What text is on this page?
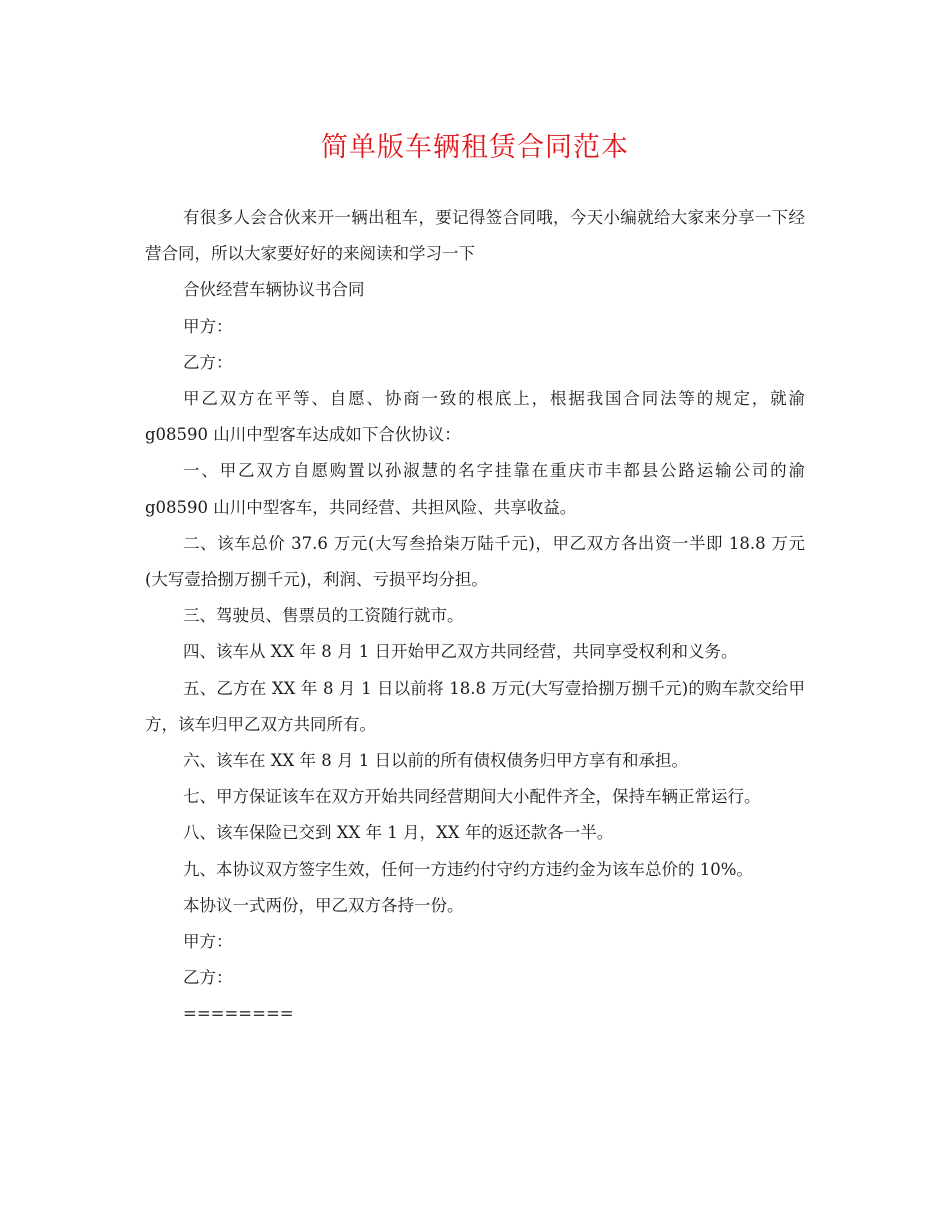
简单版车辆租赁合同范本

有很多人会合伙来开一辆出租车，要记得签合同哦，今天小编就给大家来分享一下经营合同，所以大家要好好的来阅读和学习一下

合伙经营车辆协议书合同

甲方：

乙方：

甲乙双方在平等、自愿、协商一致的根底上，根据我国合同法等的规定，就渝 g08590 山川中型客车达成如下合伙协议：

一、甲乙双方自愿购置以孙淑慧的名字挂靠在重庆市丰都县公路运输公司的渝 g08590 山川中型客车，共同经营、共担风险、共享收益。

二、该车总价 37.6 万元(大写叁拾柒万陆千元)，甲乙双方各出资一半即 18.8 万元(大写壹拾捌万捌千元)，利润、亏损平均分担。

三、驾驶员、售票员的工资随行就市。

四、该车从 XX 年 8 月 1 日开始甲乙双方共同经营，共同享受权利和义务。

五、乙方在 XX 年 8 月 1 日以前将 18.8 万元(大写壹拾捌万捌千元)的购车款交给甲方，该车归甲乙双方共同所有。

六、该车在 XX 年 8 月 1 日以前的所有债权债务归甲方享有和承担。

七、甲方保证该车在双方开始共同经营期间大小配件齐全，保持车辆正常运行。

八、该车保险已交到 XX 年 1 月，XX 年的返还款各一半。

九、本协议双方签字生效，任何一方违约付守约方违约金为该车总价的 10%。

本协议一式两份，甲乙双方各持一份。

甲方：

乙方：

========
